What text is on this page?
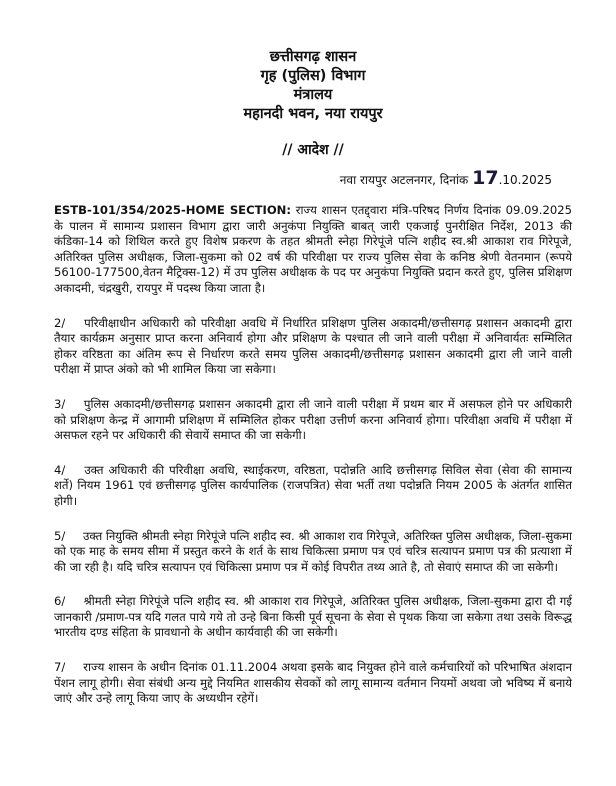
छत्तीसगढ़ शासन
गृह (पुलिस) विभाग
मंत्रालय
महानदी भवन, नया रायपुर
// आदेश //
नवा रायपुर अटलनगर, दिनांक 17.10.2025

ESTB-101/354/2025-HOME SECTION: राज्य शासन एतद्द्वारा मंत्रि-परिषद निर्णय दिनांक 09.09.2025 के पालन में सामान्य प्रशासन विभाग द्वारा जारी अनुकंपा नियुक्ति बाबत् जारी एकजाई पुनरीक्षित निर्देश, 2013 की कंडिका-14 को शिथिल करते हुए विशेष प्रकरण के तहत श्रीमती स्नेहा गिरेपूंजे पत्नि शहीद स्व.श्री आकाश राव गिरेपूजे, अतिरिक्त पुलिस अधीक्षक, जिला-सुकमा को 02 वर्ष की परिवीक्षा पर राज्य पुलिस सेवा के कनिष्ठ श्रेणी वेतनमान (रूपये 56100-177500,वेतन मैट्रिक्स-12) में उप पुलिस अधीक्षक के पद पर अनुकंपा नियुक्ति प्रदान करते हुए, पुलिस प्रशिक्षण अकादमी, चंद्रखुरी, रायपुर में पदस्थ किया जाता है।

2/ परिवीक्षाधीन अधिकारी को परिवीक्षा अवधि में निर्धारित प्रशिक्षण पुलिस अकादमी/छत्तीसगढ़ प्रशासन अकादमी द्वारा तैयार कार्यक्रम अनुसार प्राप्त करना अनिवार्य होगा और प्रशिक्षण के पश्चात ली जाने वाली परीक्षा में अनिवार्यतः सम्मिलित होकर वरिष्ठता का अंतिम रूप से निर्धारण करते समय पुलिस अकादमी/छत्तीसगढ़ प्रशासन अकादमी द्वारा ली जाने वाली परीक्षा में प्राप्त अंको को भी शामिल किया जा सकेगा।

3/ पुलिस अकादमी/छत्तीसगढ़ प्रशासन अकादमी द्वारा ली जाने वाली परीक्षा में प्रथम बार में असफल होने पर अधिकारी को प्रशिक्षण केन्द्र में आगामी प्रशिक्षण में सम्मिलित होकर परीक्षा उत्तीर्ण करना अनिवार्य होगा। परिवीक्षा अवधि में परीक्षा में असफल रहने पर अधिकारी की सेवायें समाप्त की जा सकेगी।

4/ उक्त अधिकारी की परिवीक्षा अवधि, स्थाईकरण, वरिष्ठता, पदोन्नति आदि छत्तीसगढ़ सिविल सेवा (सेवा की सामान्य शर्ते) नियम 1961 एवं छत्तीसगढ़ पुलिस कार्यपालिक (राजपत्रित) सेवा भर्ती तथा पदोन्नति नियम 2005 के अंतर्गत शासित होगी।

5/ उक्त नियुक्ति श्रीमती स्नेहा गिरेपूंजे पत्नि शहीद स्व. श्री आकाश राव गिरेपूजे, अतिरिक्त पुलिस अधीक्षक, जिला-सुकमा को एक माह के समय सीमा में प्रस्तुत करने के शर्त के साथ चिकित्सा प्रमाण पत्र एवं चरित्र सत्यापन प्रमाण पत्र की प्रत्याशा में की जा रही है। यदि चरित्र सत्यापन एवं चिकित्सा प्रमाण पत्र में कोई विपरीत तथ्य आते है, तो सेवाएं समाप्त की जा सकेगी।

6/ श्रीमती स्नेहा गिरेपूंजे पत्नि शहीद स्व. श्री आकाश राव गिरेपूजे, अतिरिक्त पुलिस अधीक्षक, जिला-सुकमा द्वारा दी गई जानकारी /प्रमाण-पत्र यदि गलत पाये गये तो उन्हे बिना किसी पूर्व सूचना के सेवा से पृथक किया जा सकेगा तथा उसके विरूद्ध भारतीय दण्ड संहिता के प्रावधानो के अधीन कार्यवाही की जा सकेगी।

7/ राज्य शासन के अधीन दिनांक 01.11.2004 अथवा इसके बाद नियुक्त होने वाले कर्मचारियों को परिभाषित अंशदान पेंशन लागू होगी। सेवा संबंधी अन्य मुद्दे नियमित शासकीय सेवकों को लागू सामान्य वर्तमान नियमों अथवा जो भविष्य में बनाये जाएं और उन्हे लागू किया जाए के अध्यधीन रहेगें।
